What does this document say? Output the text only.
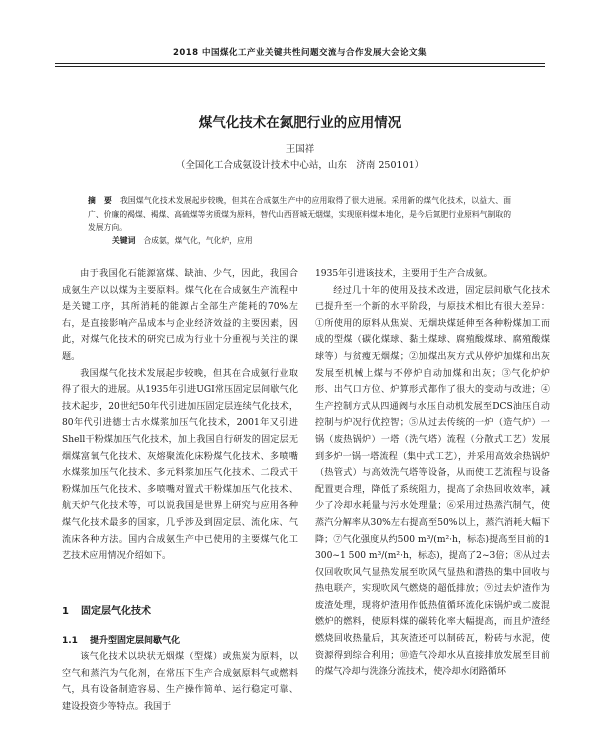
2018 中国煤化工产业关键共性问题交流与合作发展大会论文集
煤气化技术在氮肥行业的应用情况
王国祥
（全国化工合成氨设计技术中心站，山东　济南 250101）
摘　要 我国煤气化技术发展起步较晚，但其在合成氨生产中的应用取得了很大进展。采用新的煤气化技术，以益大、面广、价廉的褐煤、褐煤、高硫煤等劣质煤为原料，替代山西晋城无烟煤，实现原料煤本地化，是今后氮肥行业原料气制取的发展方向。
关键词 合成氨，煤气化，气化炉，应用

由于我国化石能源富煤、缺油、少气，因此，我国合成氨生产以以煤为主要原料。煤气化在合成氨生产流程中是关键工序，其所消耗的能源占全部生产能耗的70%左右，是直接影响产品成本与企业经济效益的主要因素，因此，对煤气化技术的研究已成为行业十分重视与关注的课题。

我国煤气化技术发展起步较晚，但其在合成氨行业取得了很大的进展。从1935年引进UGI常压固定层间歇气化技术起步，20世纪50年代引进加压固定层连续气化技术，80年代引进德士古水煤浆加压气化技术，2001年又引进Shell干粉煤加压气化技术，加上我国自行研发的固定层无烟煤富氧气化技术、灰熔聚流化床粉煤气化技术、多喷嘴水煤浆加压气化技术、多元料浆加压气化技术、二段式干粉煤加压气化技术、多喷嘴对置式干粉煤加压气化技术、航天炉气化技术等，可以说我国是世界上研究与应用各种煤气化技术最多的国家，几乎涉及到固定层、流化床、气流床各种方法。国内合成氨生产中已使用的主要煤气化工艺技术应用情况介绍如下。

1 固定层气化技术
1.1 提升型固定层间歇气化

该气化技术以块状无烟煤（型煤）或焦炭为原料，以空气和蒸汽为气化剂，在常压下生产合成氨原料气或燃料气，具有设备制造容易、生产操作简单、运行稳定可靠、建设投资少等特点。我国于

1935年引进该技术，主要用于生产合成氨。

经过几十年的使用及技术改进，固定层间歇气化技术已提升至一个新的水平阶段，与原技术相比有很大差异：①所使用的原料从焦炭、无烟块煤延伸至各种粉煤加工而成的型煤（碳化煤球、黏土煤球、腐殖酸煤球、腐殖酸煤球等）与贫瘦无烟煤；②加煤出灰方式从停炉加煤和出灰发展至机械上煤与不停炉自动加煤和出灰；③气化炉炉形、出气口方位、炉算形式都作了很大的变动与改进；④生产控制方式从四通阀与水压自动机发展至DCS油压自动控制与炉况行优控智；⑤从过去传统的一炉（造气炉）一锅（废热锅炉）一塔（洗气塔）流程（分散式工艺）发展到多炉一锅一塔流程（集中式工艺），并采用高效余热锅炉（热管式）与高效洗气塔等设备，从而使工艺流程与设备配置更合理，降低了系统阻力，提高了余热回收效率，减少了冷却水耗量与污水处理量；⑥采用过热蒸汽制气，使蒸汽分解率从30%左右提高至50%以上，蒸汽消耗大幅下降；⑦气化强度从约500 m³/(m²·h，标态)提高至目前的1 300~1 500 m³/(m²·h，标态)，提高了2~3倍；⑧从过去仅回收吹风气显热发展至吹风气显热和潜热的集中回收与热电联产，实现吹风气燃烧的超低排放；⑨过去炉渣作为废渣处理，现将炉渣用作低热值循环流化床锅炉或二废混燃炉的燃料，使原料煤的碳转化率大幅提高，而且炉渣经燃烧回收热量后，其灰渣还可以制砖瓦，粉砖与水泥，使资源得到综合利用；⑩造气冷却水从直接排放发展至目前的煤气冷却与洗涤分流技术，使冷却水闭路循环
